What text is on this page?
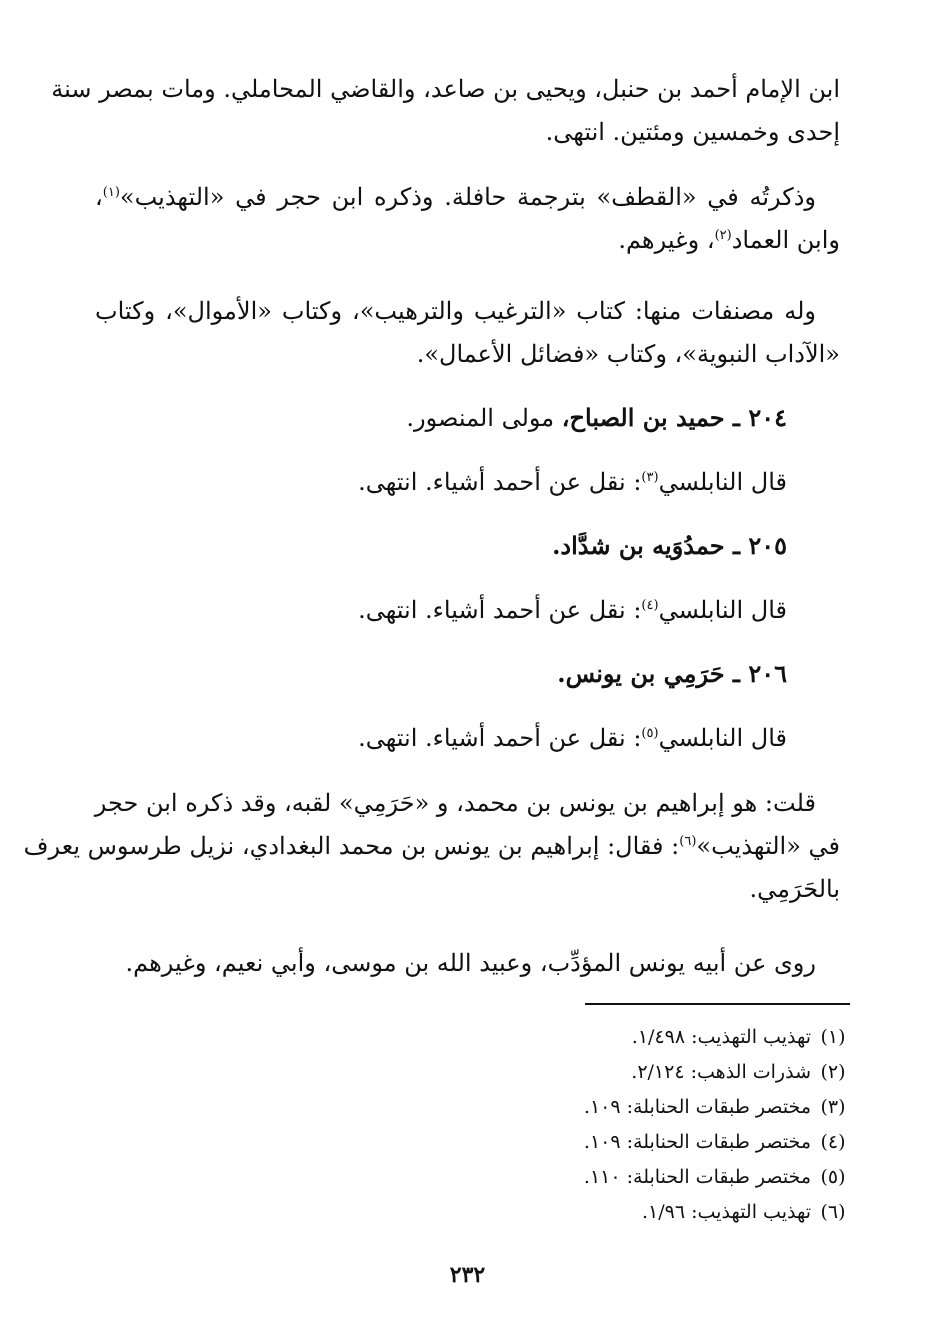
ابن الإمام أحمد بن حنبل، ويحيى بن صاعد، والقاضي المحاملي. ومات بمصر سنة
إحدى وخمسين ومئتين. انتهى.

وذكرتُه في «القطف» بترجمة حافلة. وذكره ابن حجر في «التهذيب»$^{(١)}$،
وابن العماد$^{(٢)}$، وغيرهم.

وله مصنفات منها: كتاب «الترغيب والترهيب»، وكتاب «الأموال»، وكتاب
«الآداب النبوية»، وكتاب «فضائل الأعمال».

٢٠٤ ـ حميد بن الصباح، مولى المنصور.

قال النابلسي$^{(٣)}$: نقل عن أحمد أشياء. انتهى.

٢٠٥ ـ حمدُوَيه بن شدَّاد.

قال النابلسي$^{(٤)}$: نقل عن أحمد أشياء. انتهى.

٢٠٦ ـ حَرَمِي بن يونس.

قال النابلسي$^{(٥)}$: نقل عن أحمد أشياء. انتهى.

قلت: هو إبراهيم بن يونس بن محمد، و «حَرَمِي» لقبه، وقد ذكره ابن حجر
في «التهذيب»$^{(٦)}$: فقال: إبراهيم بن يونس بن محمد البغدادي، نزيل طرسوس يعرف
بالحَرَمِي.

روى عن أبيه يونس المؤدِّب، وعبيد الله بن موسى، وأبي نعيم، وغيرهم.

(١)تهذيب التهذيب: ١/٤٩٨.
(٢)شذرات الذهب: ٢/١٢٤.
(٣)مختصر طبقات الحنابلة: ١٠٩.
(٤)مختصر طبقات الحنابلة: ١٠٩.
(٥)مختصر طبقات الحنابلة: ١١٠.
(٦)تهذيب التهذيب: ١/٩٦.
٢٣٢
